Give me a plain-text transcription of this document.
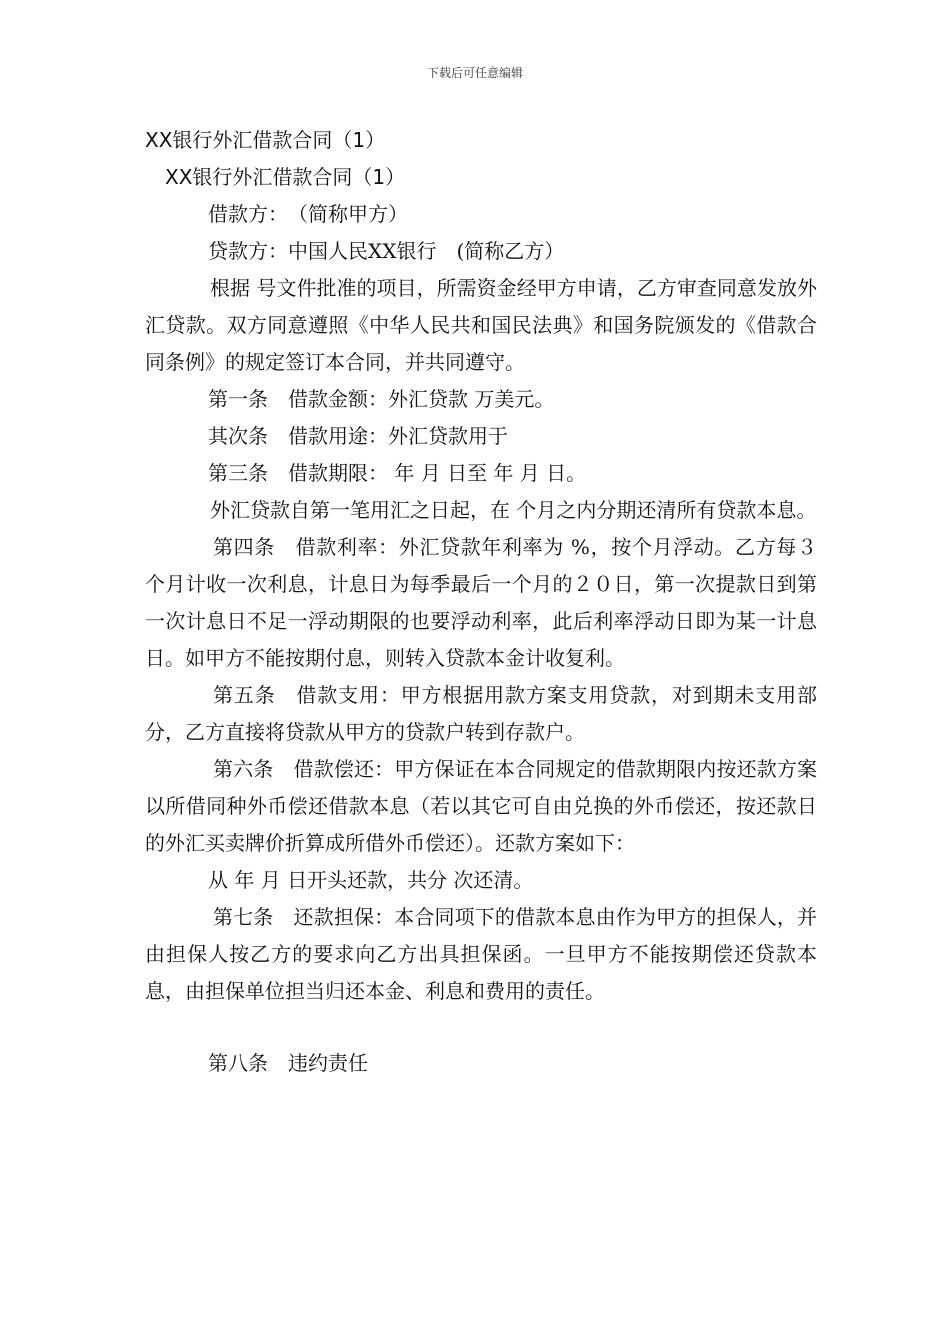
下载后可任意编辑
XX银行外汇借款合同（1）
XX银行外汇借款合同（1）
借款方：　（简称甲方）
贷款方：中国人民XX银行　(简称乙方）

根据 号文件批准的项目，所需资金经甲方申请，乙方审查同意发放外汇贷款。双方同意遵照《中华人民共和国民法典》和国务院颁发的《借款合同条例》的规定签订本合同，并共同遵守。

第一条　借款金额：外汇贷款 万美元。
其次条　借款用途：外汇贷款用于
第三条　借款期限： 年 月 日至 年 月 日。

外汇贷款自第一笔用汇之日起，在 个月之内分期还清所有贷款本息。

第四条　借款利率：外汇贷款年利率为 %，按个月浮动。乙方每３个月计收一次利息，计息日为每季最后一个月的２０日，第一次提款日到第一次计息日不足一浮动期限的也要浮动利率，此后利率浮动日即为某一计息日。如甲方不能按期付息，则转入贷款本金计收复利。

第五条　借款支用：甲方根据用款方案支用贷款，对到期未支用部分，乙方直接将贷款从甲方的贷款户转到存款户。

第六条　借款偿还：甲方保证在本合同规定的借款期限内按还款方案以所借同种外币偿还借款本息（若以其它可自由兑换的外币偿还，按还款日的外汇买卖牌价折算成所借外币偿还）。还款方案如下：

从 年 月 日开头还款，共分 次还清。

第七条　还款担保：本合同项下的借款本息由作为甲方的担保人，并由担保人按乙方的要求向乙方出具担保函。一旦甲方不能按期偿还贷款本息，由担保单位担当归还本金、利息和费用的责任。

第八条　违约责任
